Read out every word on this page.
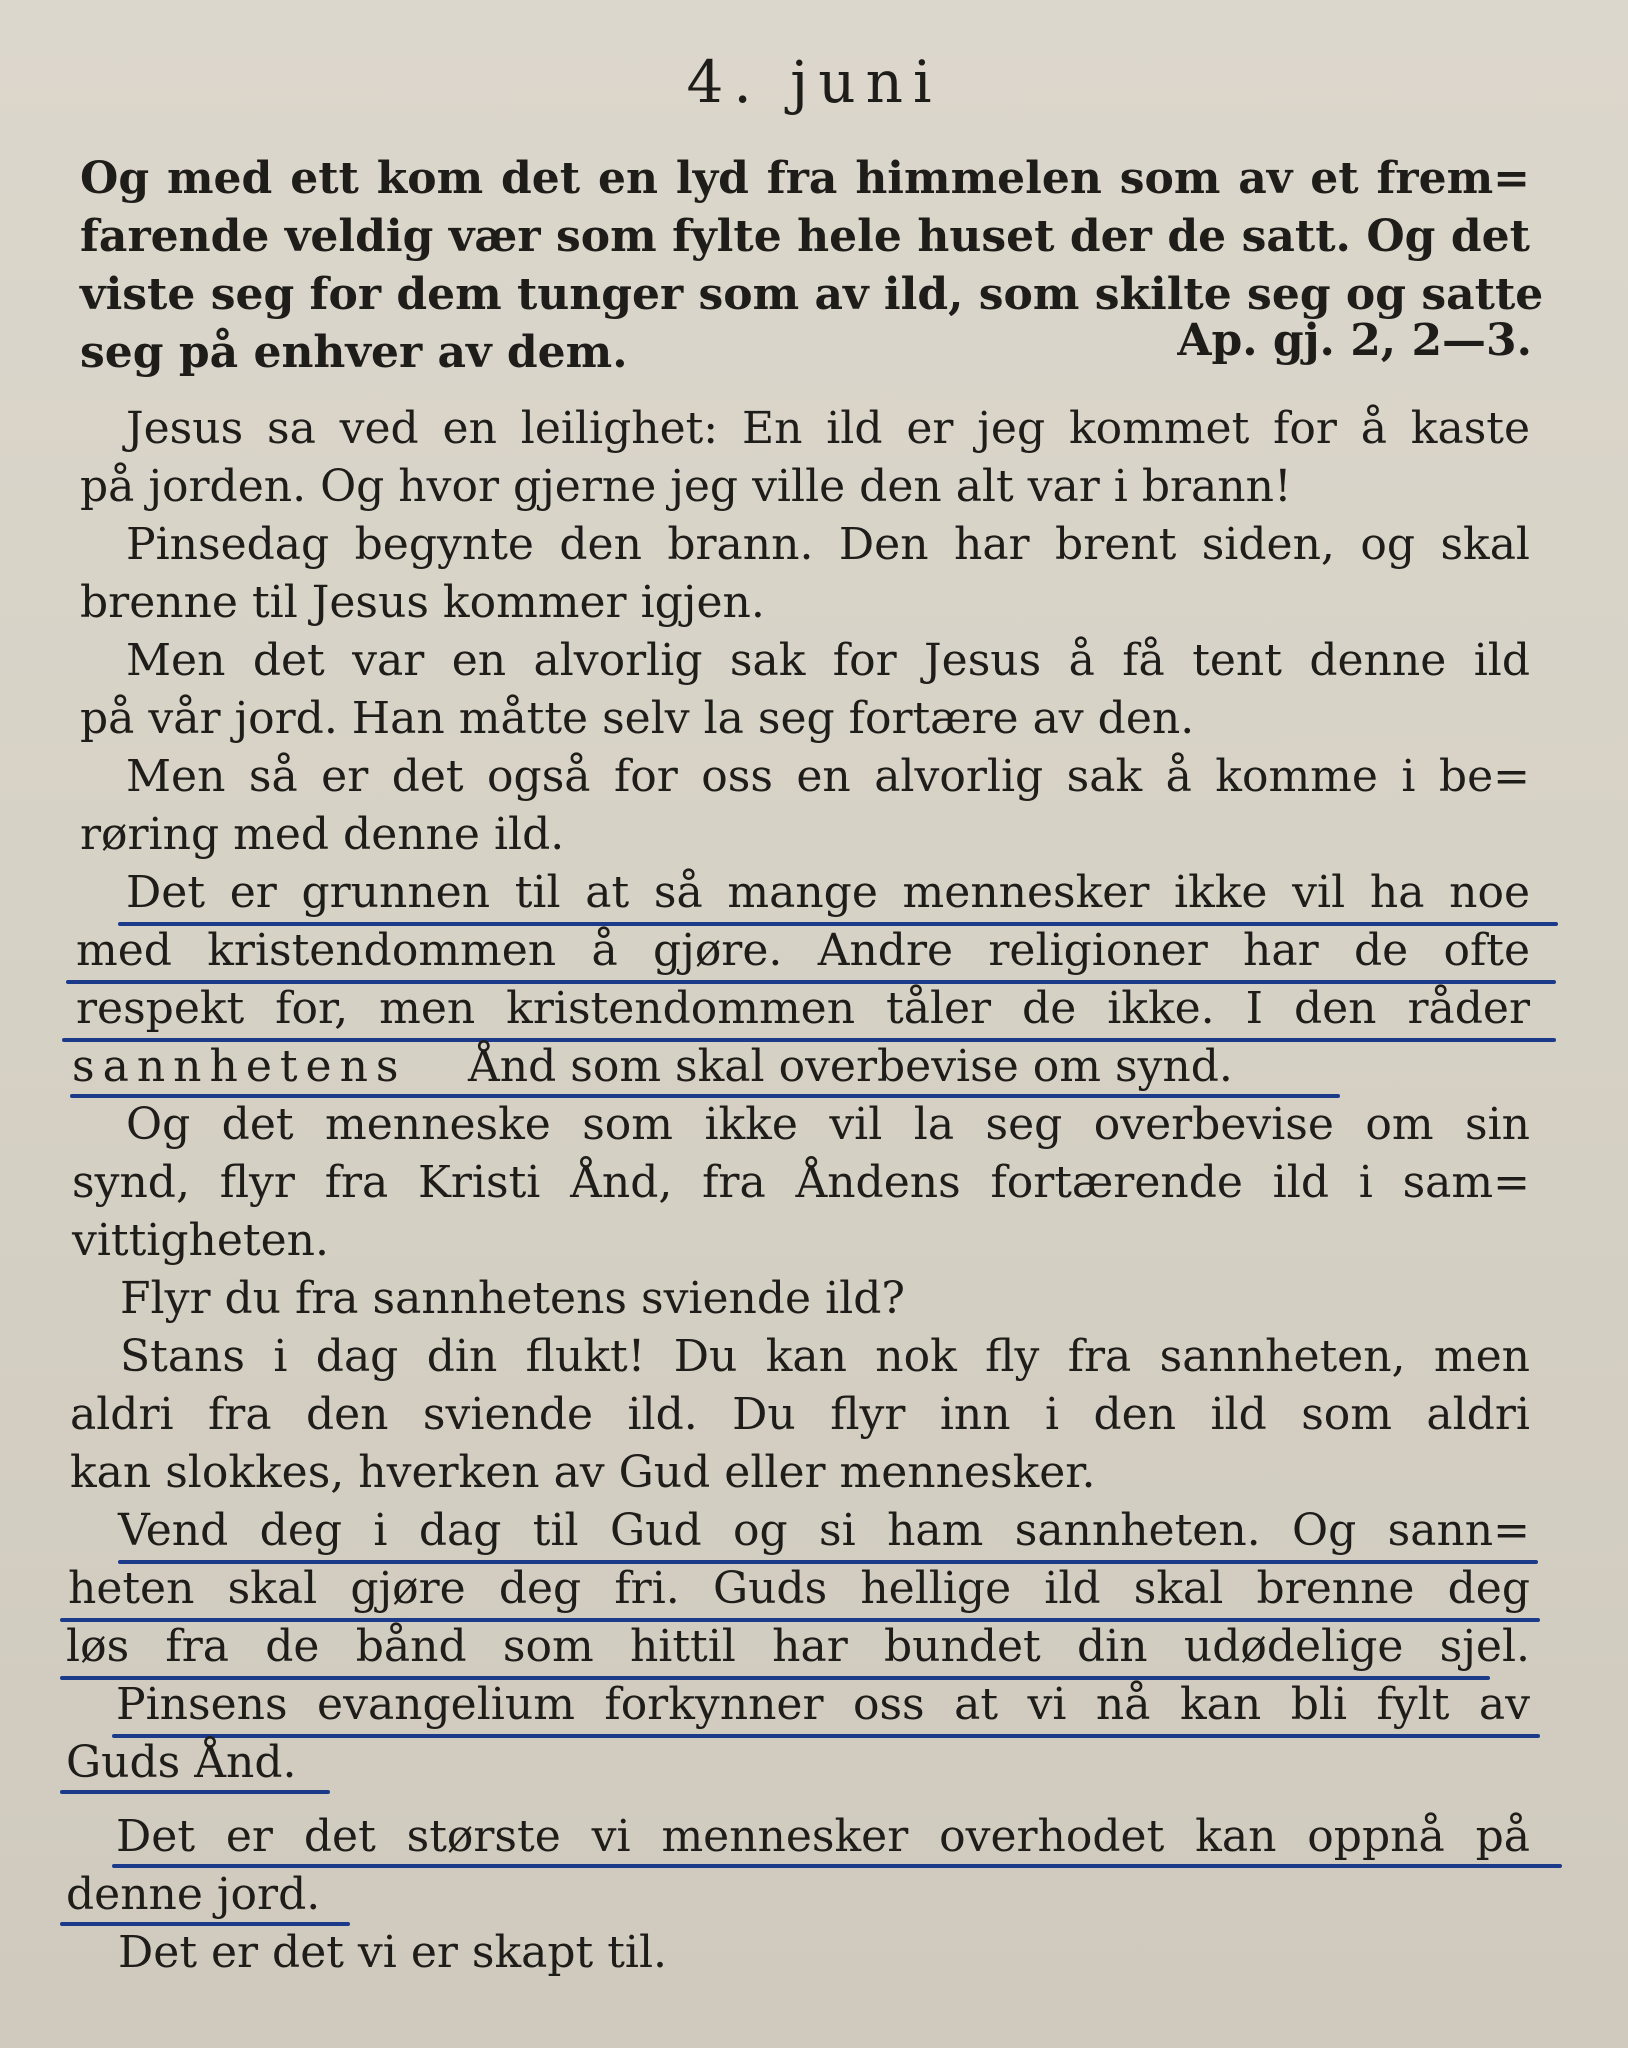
4. juni
Og med ett kom det en lyd fra himmelen som av et frem=
farende veldig vær som fylte hele huset der de satt. Og det
viste seg for dem tunger som av ild, som skilte seg og satte
seg på enhver av dem.	Ap. gj. 2, 2—3.
Jesus sa ved en leilighet: En ild er jeg kommet for å kaste
på jorden. Og hvor gjerne jeg ville den alt var i brann!
Pinsedag begynte den brann. Den har brent siden, og skal
brenne til Jesus kommer igjen.
Men det var en alvorlig sak for Jesus å få tent denne ild
på vår jord. Han måtte selv la seg fortære av den.
Men så er det også for oss en alvorlig sak å komme i be=
røring med denne ild.
Det er grunnen til at så mange mennesker ikke vil ha noe
med kristendommen å gjøre. Andre religioner har de ofte
respekt for, men kristendommen tåler de ikke. I den råder
sannhetens Ånd som skal overbevise om synd.
Og det menneske som ikke vil la seg overbevise om sin
synd, flyr fra Kristi Ånd, fra Åndens fortærende ild i sam=
vittigheten.
Flyr du fra sannhetens sviende ild?
Stans i dag din flukt! Du kan nok fly fra sannheten, men
aldri fra den sviende ild. Du flyr inn i den ild som aldri
kan slokkes, hverken av Gud eller mennesker.
Vend deg i dag til Gud og si ham sannheten. Og sann=
heten skal gjøre deg fri. Guds hellige ild skal brenne deg
løs fra de bånd som hittil har bundet din udødelige sjel.
Pinsens evangelium forkynner oss at vi nå kan bli fylt av
Guds Ånd.
Det er det største vi mennesker overhodet kan oppnå på
denne jord.
Det er det vi er skapt til.
